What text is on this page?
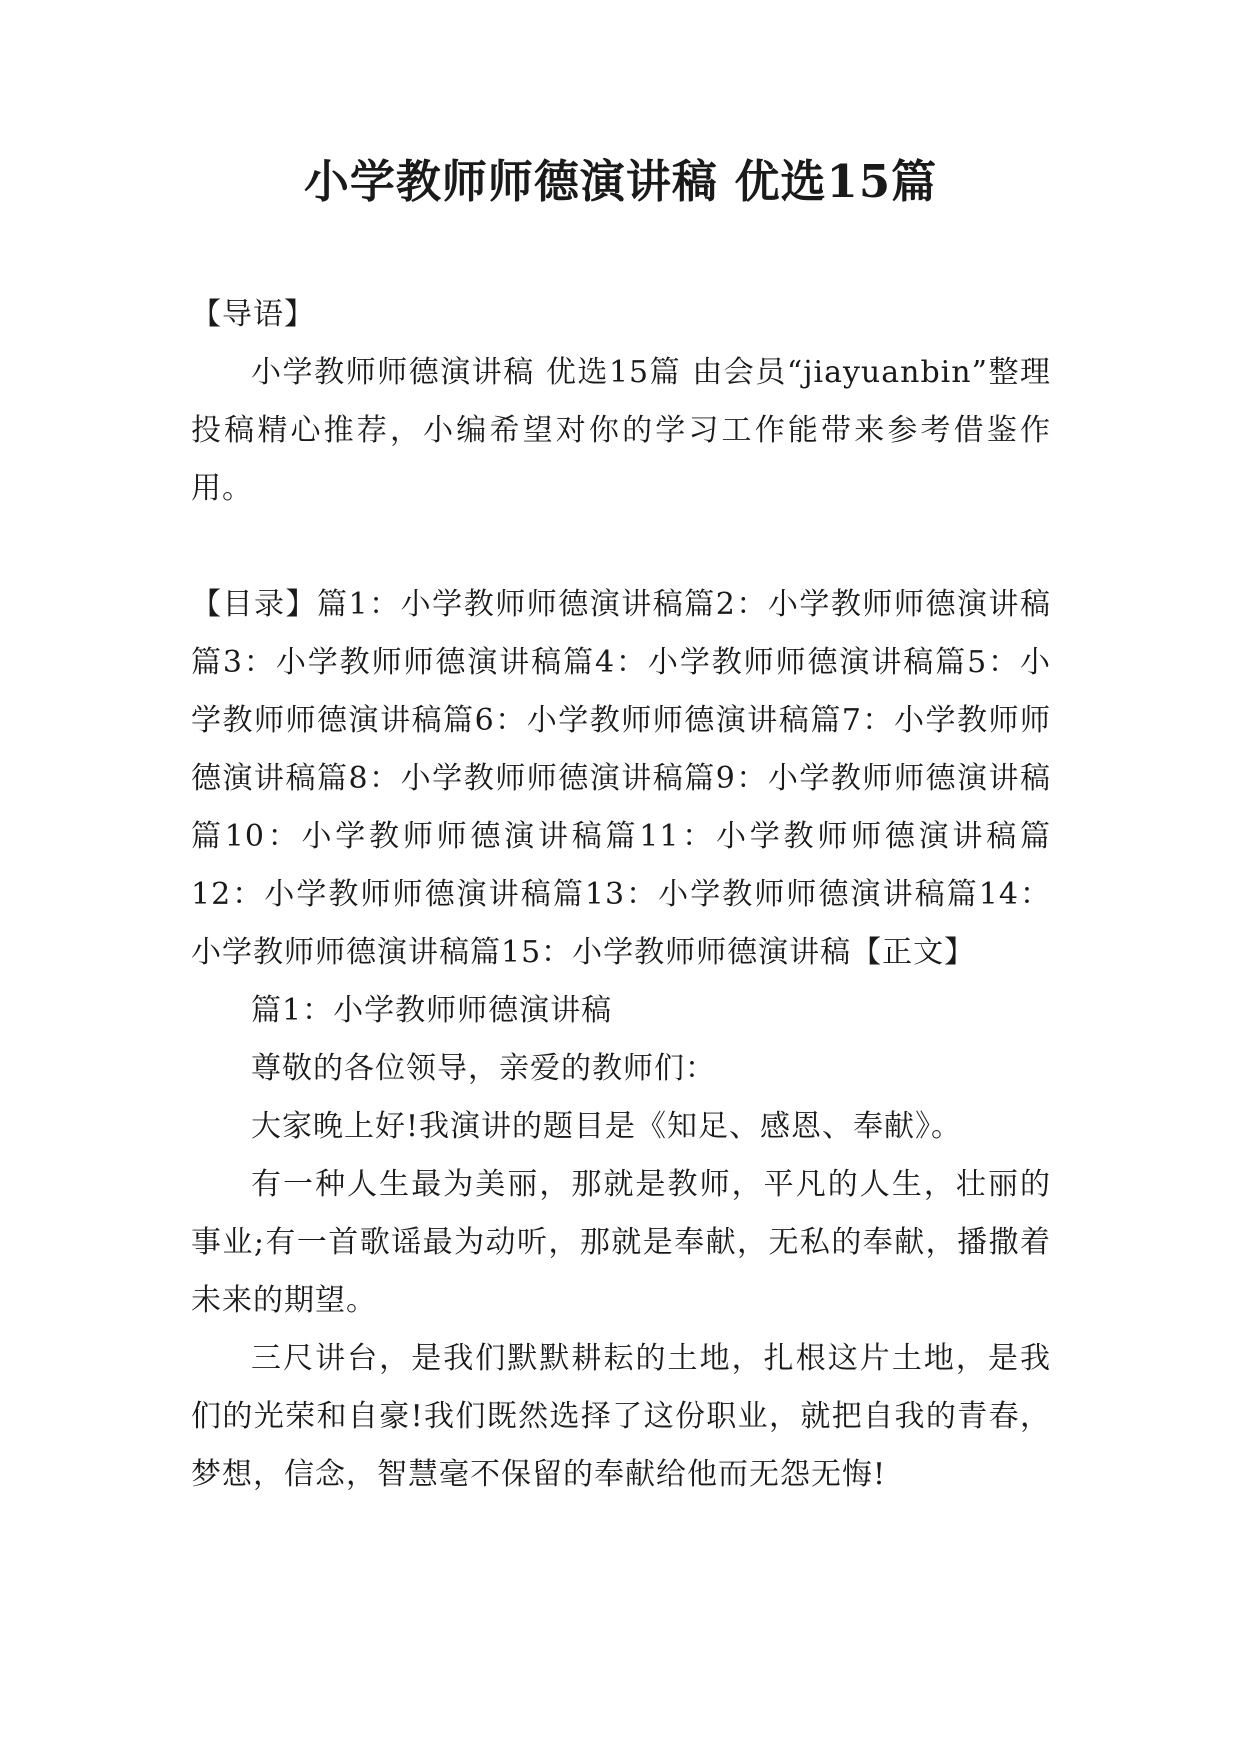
小学教师师德演讲稿 优选15篇

【导语】

小学教师师德演讲稿 优选15篇 由会员“jiayuanbin”整理投稿精心推荐，小编希望对你的学习工作能带来参考借鉴作用。

【目录】篇1：小学教师师德演讲稿篇2：小学教师师德演讲稿篇3：小学教师师德演讲稿篇4：小学教师师德演讲稿篇5：小学教师师德演讲稿篇6：小学教师师德演讲稿篇7：小学教师师德演讲稿篇8：小学教师师德演讲稿篇9：小学教师师德演讲稿篇10：小学教师师德演讲稿篇11：小学教师师德演讲稿篇12：小学教师师德演讲稿篇13：小学教师师德演讲稿篇14：小学教师师德演讲稿篇15：小学教师师德演讲稿【正文】

篇1：小学教师师德演讲稿

尊敬的各位领导，亲爱的教师们：

大家晚上好!我演讲的题目是《知足、感恩、奉献》。

有一种人生最为美丽，那就是教师，平凡的人生，壮丽的事业;有一首歌谣最为动听，那就是奉献，无私的奉献，播撒着未来的期望。

三尺讲台，是我们默默耕耘的土地，扎根这片土地，是我们的光荣和自豪!我们既然选择了这份职业，就把自我的青春，梦想，信念，智慧毫不保留的奉献给他而无怨无悔!
